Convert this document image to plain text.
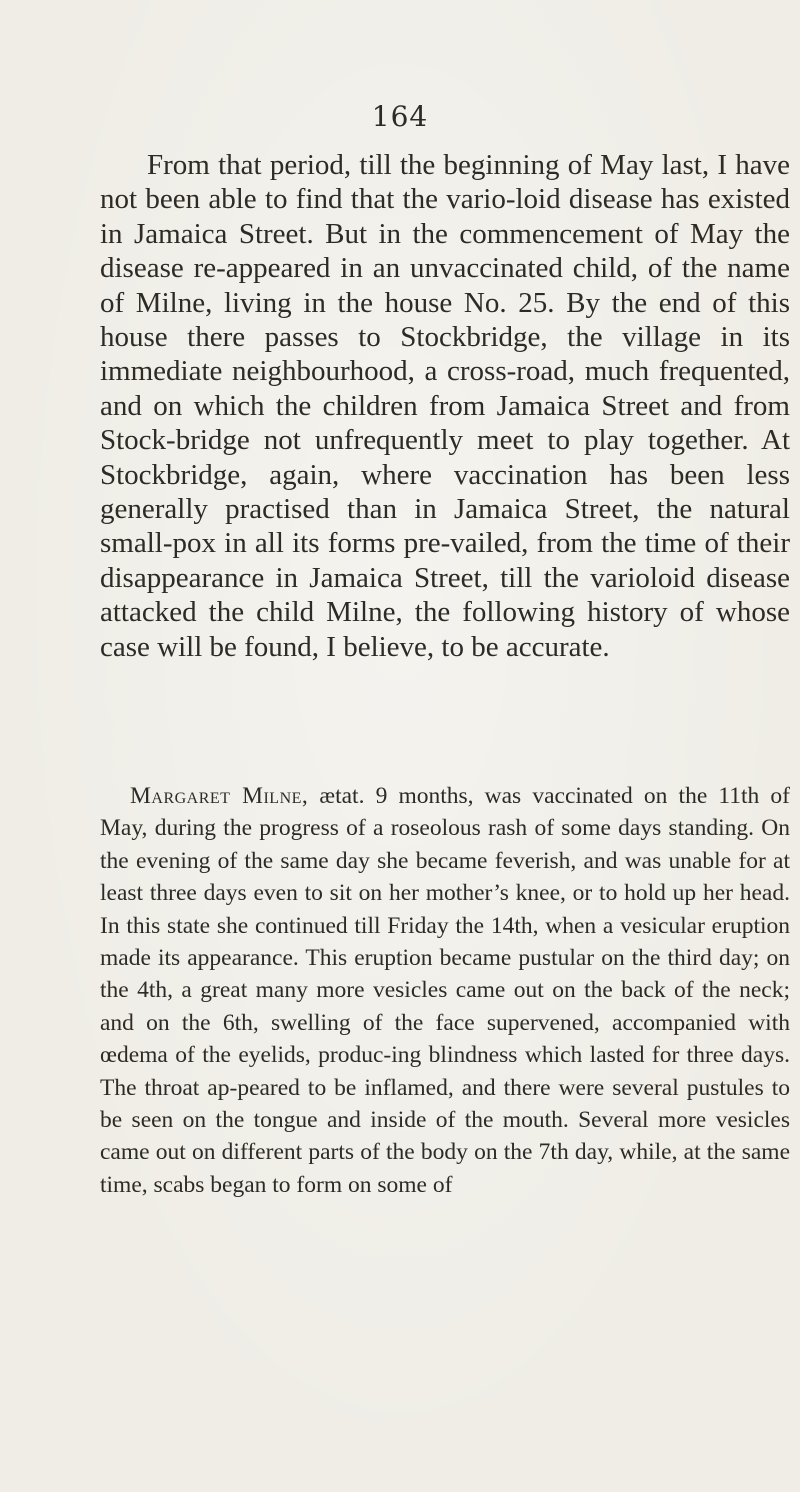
164

From that period, till the beginning of May last, I have not been able to find that the vario-loid disease has existed in Jamaica Street. But in the commencement of May the disease re-appeared in an unvaccinated child, of the name of Milne, living in the house No. 25. By the end of this house there passes to Stockbridge, the village in its immediate neighbourhood, a cross-road, much frequented, and on which the children from Jamaica Street and from Stock-bridge not unfrequently meet to play together. At Stockbridge, again, where vaccination has been less generally practised than in Jamaica Street, the natural small-pox in all its forms pre-vailed, from the time of their disappearance in Jamaica Street, till the varioloid disease attacked the child Milne, the following history of whose case will be found, I believe, to be accurate.

Margaret Milne, ætat. 9 months, was vaccinated on the 11th of May, during the progress of a roseolous rash of some days standing. On the evening of the same day she became feverish, and was unable for at least three days even to sit on her mother’s knee, or to hold up her head. In this state she continued till Friday the 14th, when a vesicular eruption made its appearance. This eruption became pustular on the third day; on the 4th, a great many more vesicles came out on the back of the neck; and on the 6th, swelling of the face supervened, accompanied with œdema of the eyelids, produc-ing blindness which lasted for three days. The throat ap-peared to be inflamed, and there were several pustules to be seen on the tongue and inside of the mouth. Several more vesicles came out on different parts of the body on the 7th day, while, at the same time, scabs began to form on some of
